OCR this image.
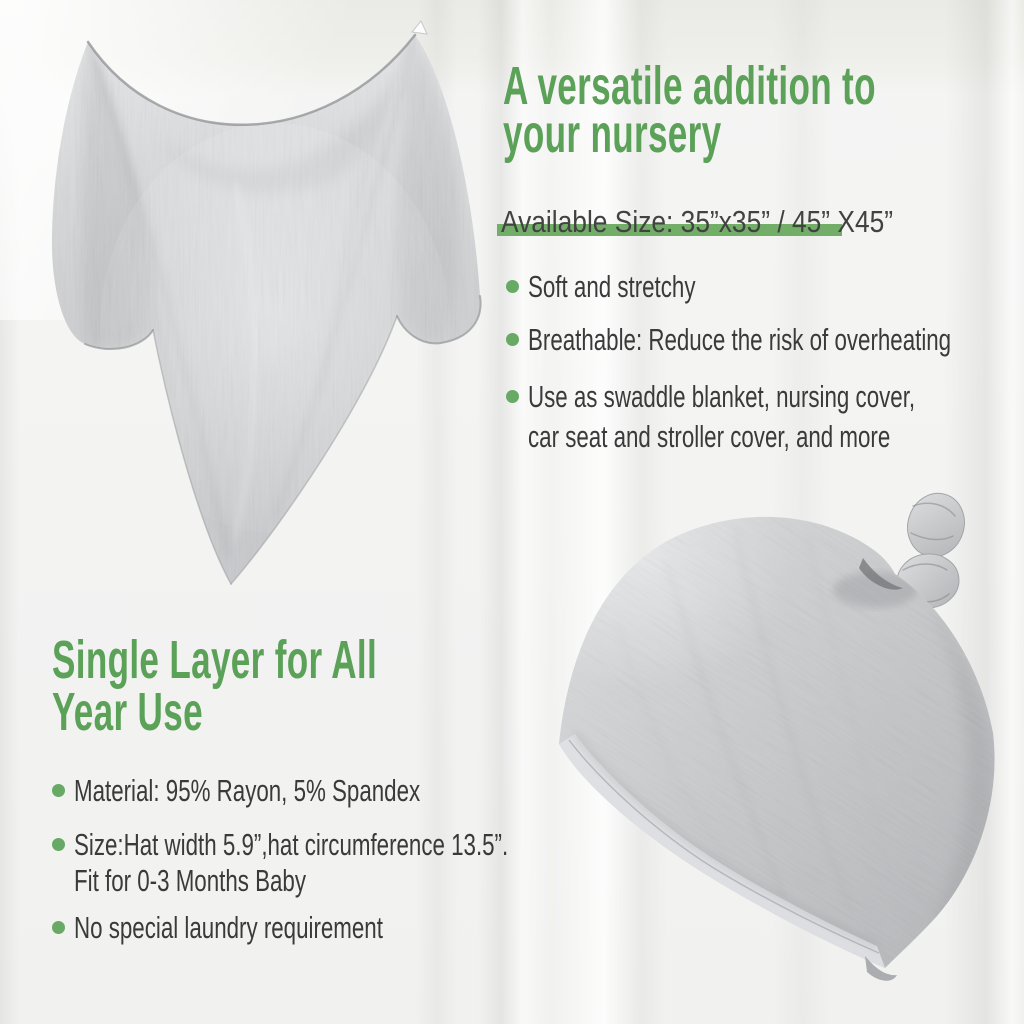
A versatile addition to
your nursery
Available Size: 35”x35” / 45” X45”
Soft and stretchy
Breathable: Reduce the risk of overheating
Use as swaddle blanket, nursing cover,
car seat and stroller cover, and more
Single Layer for All
Year Use
Material: 95% Rayon, 5% Spandex
Size:Hat width 5.9”,hat circumference 13.5”.
Fit for 0-3 Months Baby
No special laundry requirement
